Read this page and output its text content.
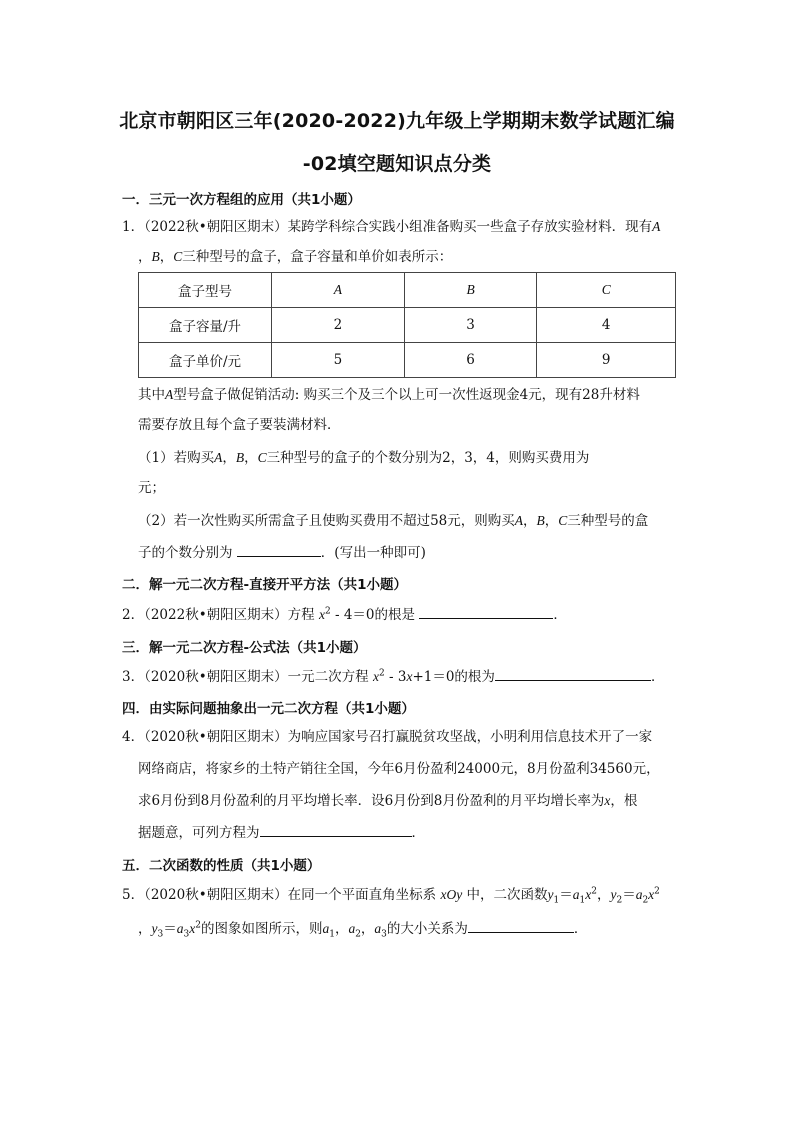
北京市朝阳区三年(2020-2022)九年级上学期期末数学试题汇编
-02填空题知识点分类
一．三元一次方程组的应用（共1小题）
1．（2022秋•朝阳区期末）某跨学科综合实践小组准备购买一些盒子存放实验材料．现有A
，B，C三种型号的盒子，盒子容量和单价如表所示：
盒子型号	A	B	C
盒子容量/升	2	3	4
盒子单价/元	5	6	9
其中A型号盒子做促销活动: 购买三个及三个以上可一次性返现金4元，现有28升材料
需要存放且每个盒子要装满材料．
（1）若购买A，B，C三种型号的盒子的个数分别为2，3，4，则购买费用为
元；
（2）若一次性购买所需盒子且使购买费用不超过58元，则购买A，B，C三种型号的盒
子的个数分别为	．(写出一种即可)
二．解一元二次方程-直接开平方法（共1小题）
2．（2022秋•朝阳区期末）方程 $x^2 - 4=0$的根是	．
三．解一元二次方程-公式法（共1小题）
3．（2020秋•朝阳区期末）一元二次方程 $x^2 - 3x+1=0$的根为	．
四．由实际问题抽象出一元二次方程（共1小题）
4．（2020秋•朝阳区期末）为响应国家号召打赢脱贫攻坚战，小明利用信息技术开了一家
网络商店，将家乡的土特产销往全国，今年6月份盈利24000元，8月份盈利34560元，
求6月份到8月份盈利的月平均增长率．设6月份到8月份盈利的月平均增长率为x，根
据题意，可列方程为	．
五．二次函数的性质（共1小题）
5．（2020秋•朝阳区期末）在同一个平面直角坐标系 xOy 中，二次函数$y_1=a_1x^2$，$y_2=a_2x^2$
，$y_3=a_3x^2$的图象如图所示，则$a_1$，$a_2$，$a_3$的大小关系为	．
